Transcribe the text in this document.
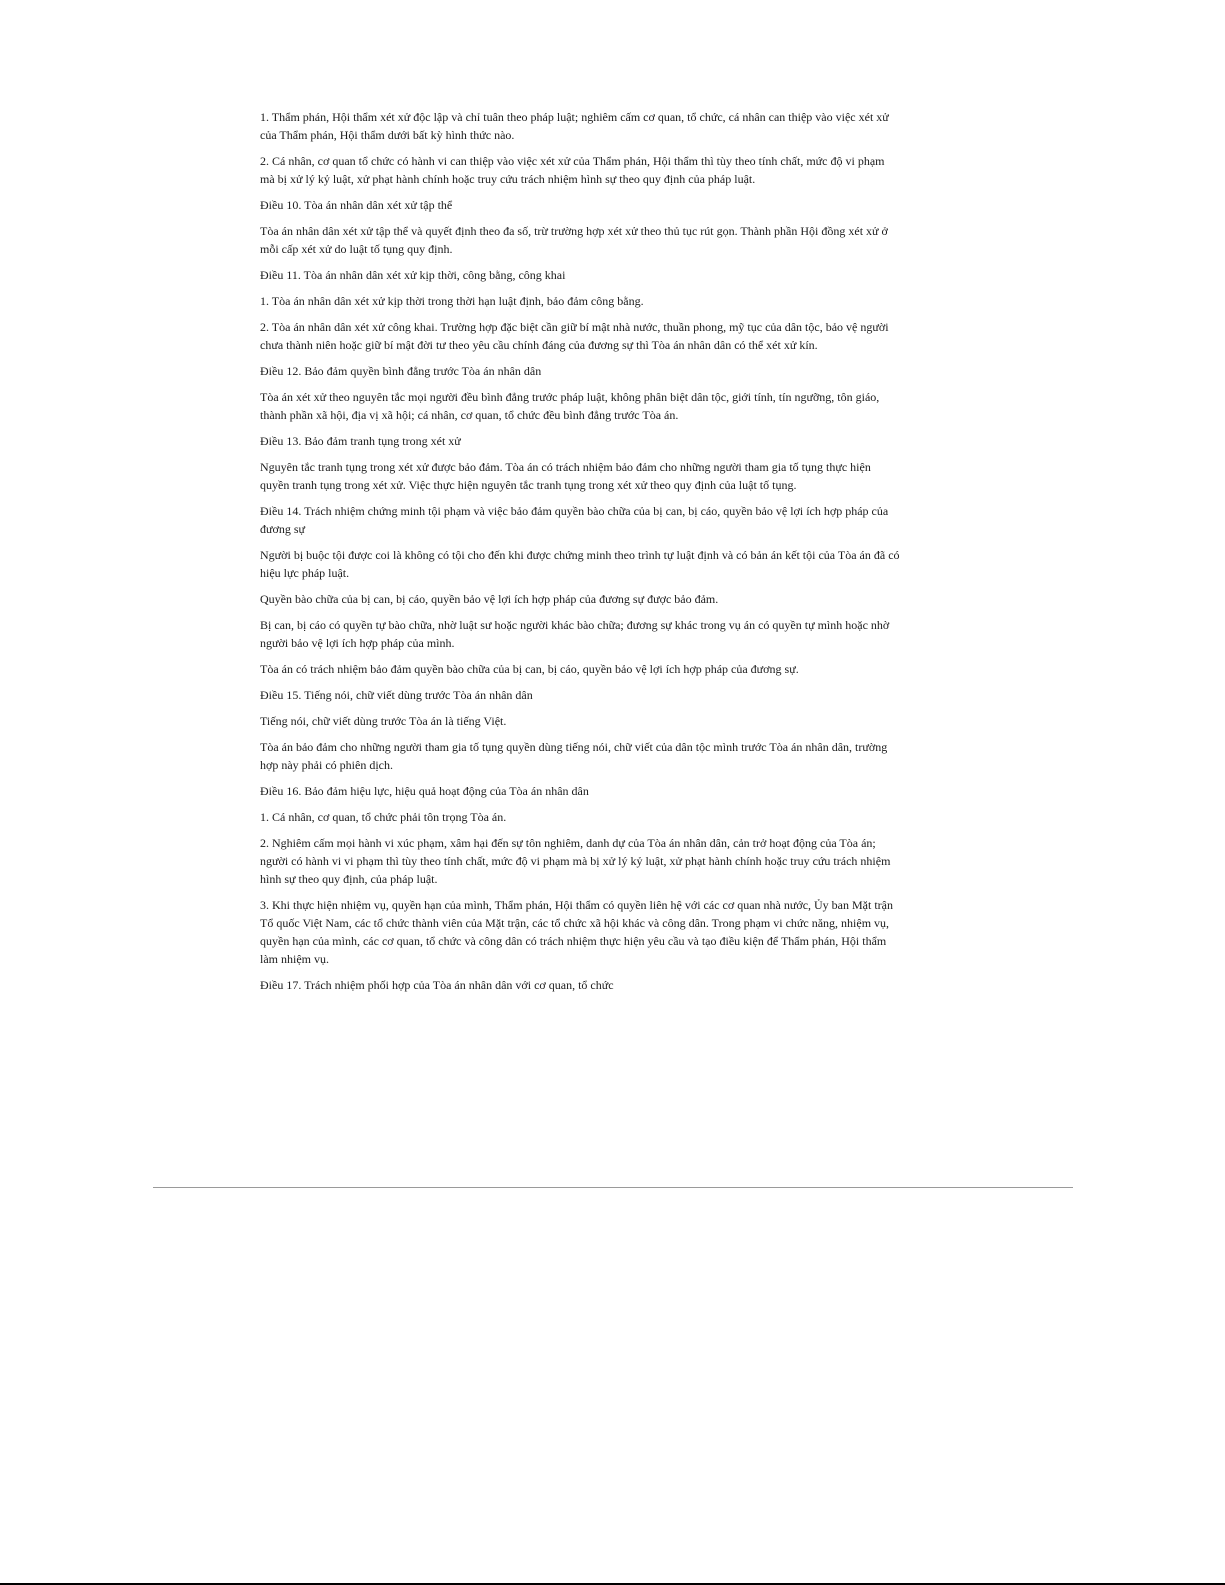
1. Thẩm phán, Hội thẩm xét xử độc lập và chỉ tuân theo pháp luật; nghiêm cấm cơ quan, tổ chức, cá nhân can thiệp vào việc xét xử của Thẩm phán, Hội thẩm dưới bất kỳ hình thức nào.

2. Cá nhân, cơ quan tổ chức có hành vi can thiệp vào việc xét xử của Thẩm phán, Hội thẩm thì tùy theo tính chất, mức độ vi phạm mà bị xử lý kỷ luật, xử phạt hành chính hoặc truy cứu trách nhiệm hình sự theo quy định của pháp luật.

Điều 10. Tòa án nhân dân xét xử tập thể

Tòa án nhân dân xét xử tập thể và quyết định theo đa số, trừ trường hợp xét xử theo thủ tục rút gọn. Thành phần Hội đồng xét xử ở mỗi cấp xét xử do luật tố tụng quy định.

Điều 11. Tòa án nhân dân xét xử kịp thời, công bằng, công khai

1. Tòa án nhân dân xét xử kịp thời trong thời hạn luật định, bảo đảm công bằng.

2. Tòa án nhân dân xét xử công khai. Trường hợp đặc biệt cần giữ bí mật nhà nước, thuần phong, mỹ tục của dân tộc, bảo vệ người chưa thành niên hoặc giữ bí mật đời tư theo yêu cầu chính đáng của đương sự thì Tòa án nhân dân có thể xét xử kín.

Điều 12. Bảo đảm quyền bình đẳng trước Tòa án nhân dân

Tòa án xét xử theo nguyên tắc mọi người đều bình đẳng trước pháp luật, không phân biệt dân tộc, giới tính, tín ngưỡng, tôn giáo, thành phần xã hội, địa vị xã hội; cá nhân, cơ quan, tổ chức đều bình đẳng trước Tòa án.

Điều 13. Bảo đảm tranh tụng trong xét xử

Nguyên tắc tranh tụng trong xét xử được bảo đảm. Tòa án có trách nhiệm bảo đảm cho những người tham gia tố tụng thực hiện quyền tranh tụng trong xét xử. Việc thực hiện nguyên tắc tranh tụng trong xét xử theo quy định của luật tố tụng.

Điều 14. Trách nhiệm chứng minh tội phạm và việc bảo đảm quyền bào chữa của bị can, bị cáo, quyền bảo vệ lợi ích hợp pháp của đương sự

Người bị buộc tội được coi là không có tội cho đến khi được chứng minh theo trình tự luật định và có bản án kết tội của Tòa án đã có hiệu lực pháp luật.

Quyền bào chữa của bị can, bị cáo, quyền bảo vệ lợi ích hợp pháp của đương sự được bảo đảm.

Bị can, bị cáo có quyền tự bào chữa, nhờ luật sư hoặc người khác bào chữa; đương sự khác trong vụ án có quyền tự mình hoặc nhờ người bảo vệ lợi ích hợp pháp của mình.

Tòa án có trách nhiệm bảo đảm quyền bào chữa của bị can, bị cáo, quyền bảo vệ lợi ích hợp pháp của đương sự.

Điều 15. Tiếng nói, chữ viết dùng trước Tòa án nhân dân

Tiếng nói, chữ viết dùng trước Tòa án là tiếng Việt.

Tòa án bảo đảm cho những người tham gia tố tụng quyền dùng tiếng nói, chữ viết của dân tộc mình trước Tòa án nhân dân, trường hợp này phải có phiên dịch.

Điều 16. Bảo đảm hiệu lực, hiệu quả hoạt động của Tòa án nhân dân

1. Cá nhân, cơ quan, tổ chức phải tôn trọng Tòa án.

2. Nghiêm cấm mọi hành vi xúc phạm, xâm hại đến sự tôn nghiêm, danh dự của Tòa án nhân dân, cản trở hoạt động của Tòa án; người có hành vi vi phạm thì tùy theo tính chất, mức độ vi phạm mà bị xử lý kỷ luật, xử phạt hành chính hoặc truy cứu trách nhiệm hình sự theo quy định, của pháp luật.

3. Khi thực hiện nhiệm vụ, quyền hạn của mình, Thẩm phán, Hội thẩm có quyền liên hệ với các cơ quan nhà nước, Ủy ban Mặt trận Tổ quốc Việt Nam, các tổ chức thành viên của Mặt trận, các tổ chức xã hội khác và công dân. Trong phạm vi chức năng, nhiệm vụ, quyền hạn của mình, các cơ quan, tổ chức và công dân có trách nhiệm thực hiện yêu cầu và tạo điều kiện để Thẩm phán, Hội thẩm làm nhiệm vụ.

Điều 17. Trách nhiệm phối hợp của Tòa án nhân dân với cơ quan, tổ chức
